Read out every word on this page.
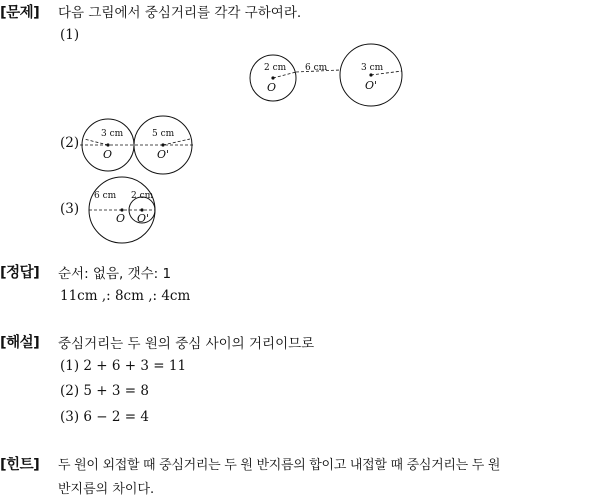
[문제] 다음 그림에서 중심거리를 각각 구하여라.
(1)
2 cm 6 cm	3 cm
O	O'
3 cm	5 cm
O	O'
6 cm 2 cm
O O'
(2)
(3)
[정답] 순서: 없음, 갯수: 1
11cm ,: 8cm ,: 4cm
[해설] 중심거리는 두 원의 중심 사이의 거리이므로
(1) 2 + 6 + 3 = 11
(2) 5 + 3 = 8
(3) 6 − 2 = 4
[힌트] 두 원이 외접할 때 중심거리는 두 원 반지름의 합이고 내접할 때 중심거리는 두 원
반지름의 차이다.
